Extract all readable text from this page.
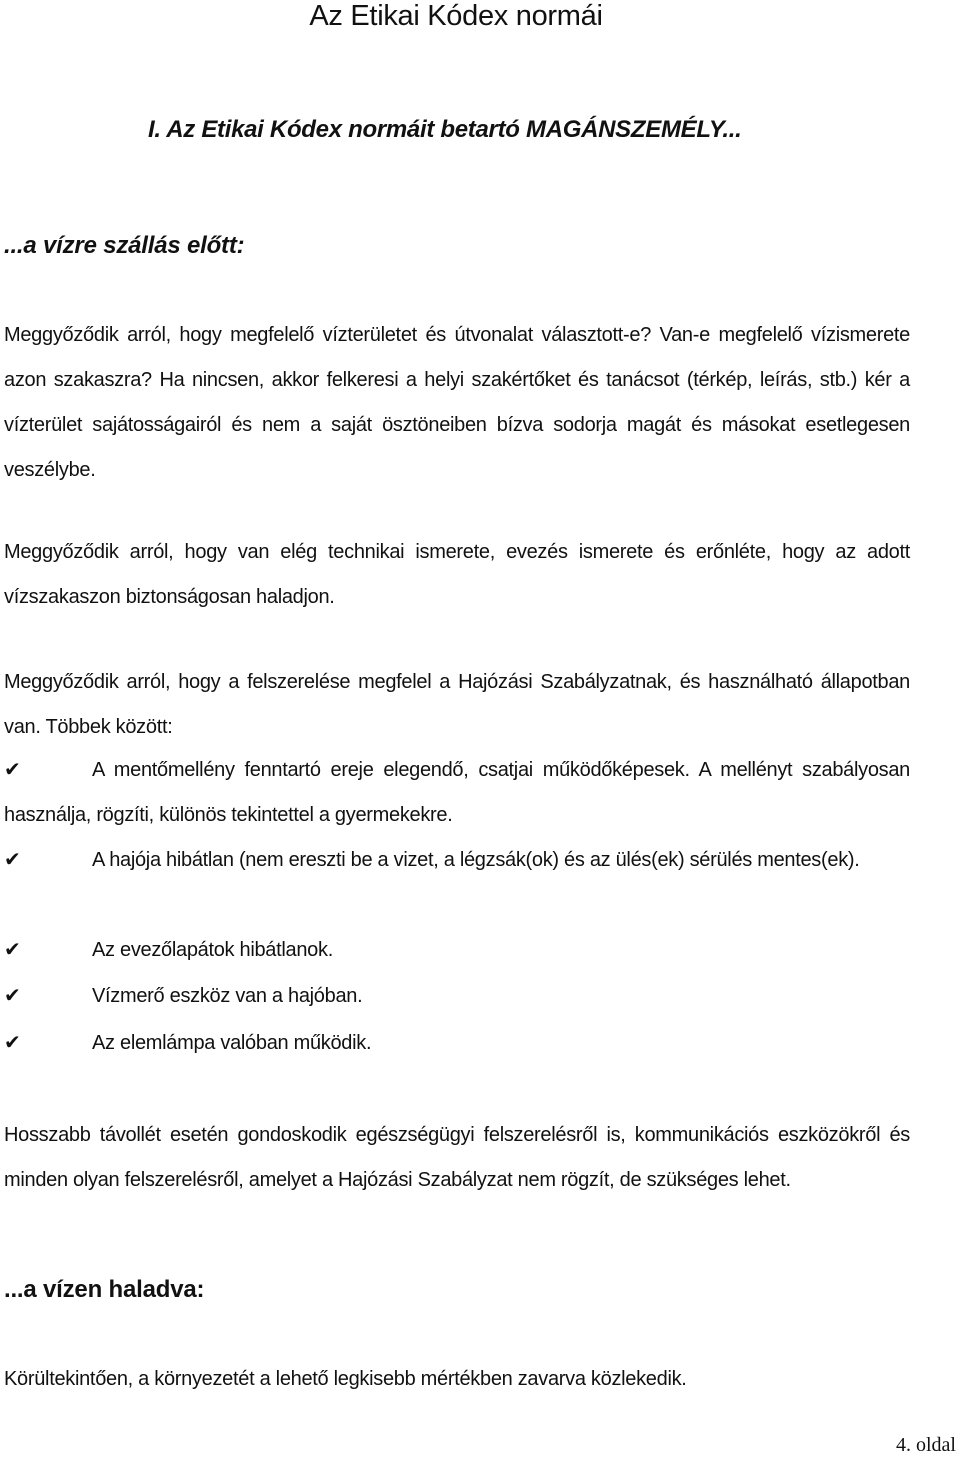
Az Etikai Kódex normái
I. Az Etikai Kódex normáit betartó MAGÁNSZEMÉLY...
...a vízre szállás előtt:
Meggyőződik arról, hogy megfelelő vízterületet és útvonalat választott-e? Van-e megfelelő vízismerete azon szakaszra? Ha nincsen, akkor felkeresi a helyi szakértőket és tanácsot (térkép, leírás, stb.) kér a vízterület sajátosságairól és nem a saját ösztöneiben bízva sodorja magát és másokat esetlegesen veszélybe.
Meggyőződik arról, hogy van elég technikai ismerete, evezés ismerete és erőnléte, hogy az adott vízszakaszon biztonságosan haladjon.
Meggyőződik arról, hogy a felszerelése megfelel a Hajózási Szabályzatnak, és használható állapotban van. Többek között:
✔	A mentőmellény fenntartó ereje elegendő, csatjai működőképesek. A mellényt szabályosan használja, rögzíti, különös tekintettel a gyermekekre.
✔	A hajója hibátlan (nem ereszti be a vizet, a légzsák(ok) és az ülés(ek) sérülés mentes(ek).
✔	Az evezőlapátok hibátlanok.
✔	Vízmerő eszköz van a hajóban.
✔	Az elemlámpa valóban működik.
Hosszabb távollét esetén gondoskodik egészségügyi felszerelésről is, kommunikációs eszközökről és minden olyan felszerelésről, amelyet a Hajózási Szabályzat nem rögzít, de szükséges lehet.
...a vízen haladva:
Körültekintően, a környezetét a lehető legkisebb mértékben zavarva közlekedik.
4. oldal
